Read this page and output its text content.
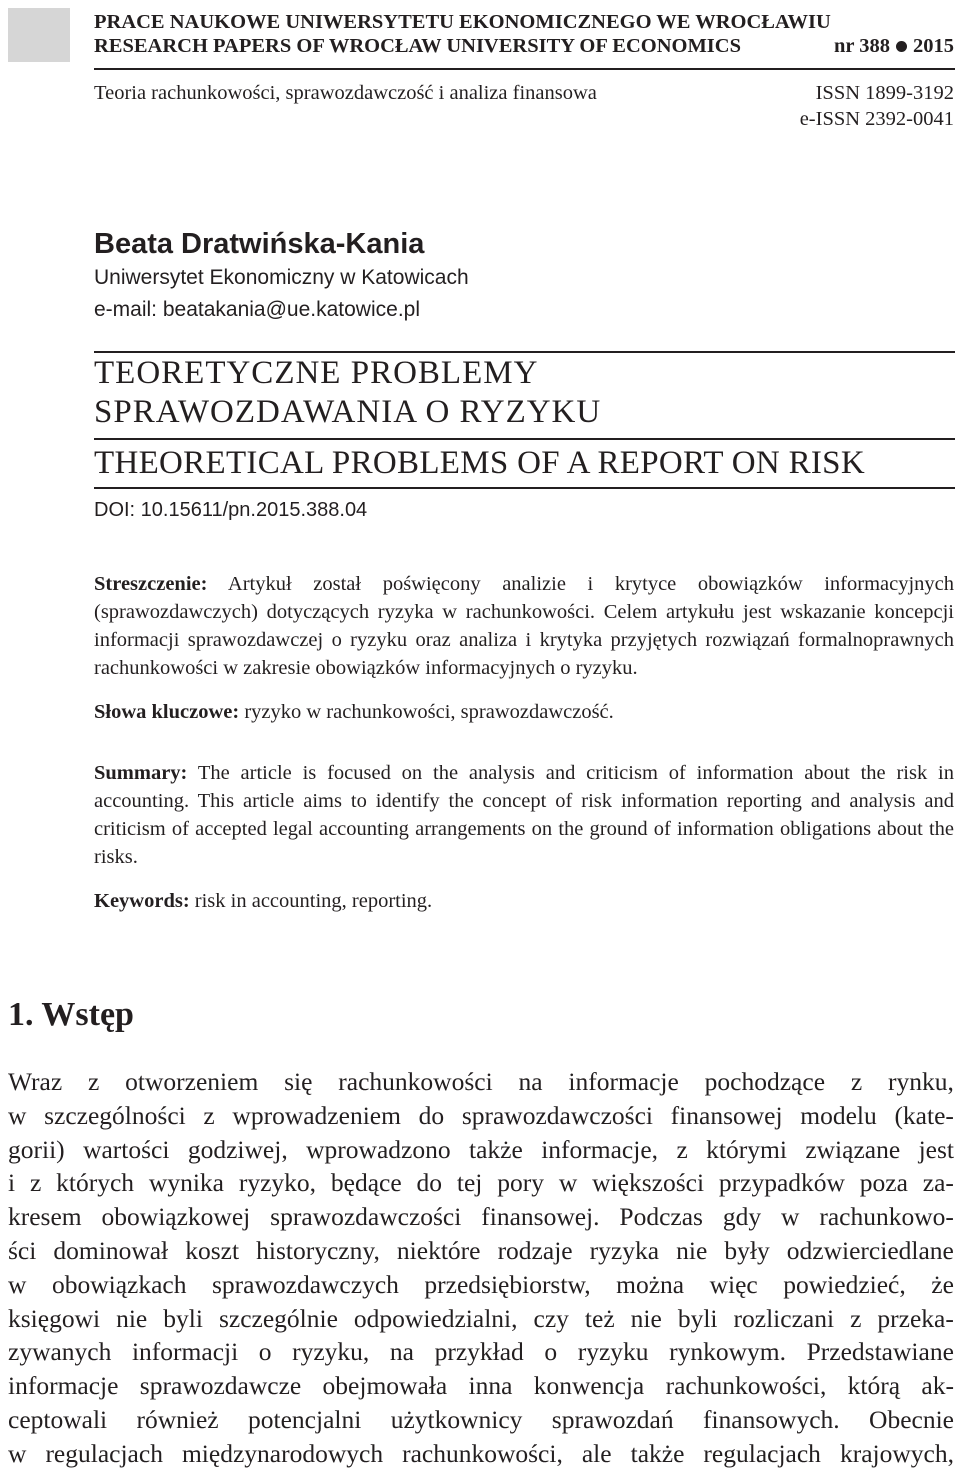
PRACE NAUKOWE UNIWERSYTETU EKONOMICZNEGO WE WROCŁAWIU
RESEARCH PAPERS OF WROCŁAW UNIVERSITY OF ECONOMICS	nr 388 2015
Teoria rachunkowości, sprawozdawczość i analiza finansowa	ISSN 1899-3192
e-ISSN 2392-0041
Beata Dratwińska-Kania
Uniwersytet Ekonomiczny w Katowicach
e-mail: beatakania@ue.katowice.pl
TEORETYCZNE PROBLEMY
SPRAWOZDAWANIA O RYZYKU
THEORETICAL PROBLEMS OF A REPORT ON RISK
DOI: 10.15611/pn.2015.388.04
Streszczenie: Artykuł został poświęcony analizie i krytyce obowiązków informacyjnych (sprawozdawczych) dotyczących ryzyka w rachunkowości. Celem artykułu jest wskazanie koncepcji informacji sprawozdawczej o ryzyku oraz analiza i krytyka przyjętych rozwiązań formalnoprawnych rachunkowości w zakresie obowiązków informacyjnych o ryzyku.
Słowa kluczowe: ryzyko w rachunkowości, sprawozdawczość.
Summary: The article is focused on the analysis and criticism of information about the risk in accounting. This article aims to identify the concept of risk information reporting and analysis and criticism of accepted legal accounting arrangements on the ground of information obligations about the risks.
Keywords: risk in accounting, reporting.
1. Wstęp
Wraz z otworzeniem się rachunkowości na informacje pochodzące z rynku,
w szczególności z wprowadzeniem do sprawozdawczości finansowej modelu (kate-
gorii) wartości godziwej, wprowadzono także informacje, z którymi związane jest
i z których wynika ryzyko, będące do tej pory w większości przypadków poza za-
kresem obowiązkowej sprawozdawczości finansowej. Podczas gdy w rachunkowo-
ści dominował koszt historyczny, niektóre rodzaje ryzyka nie były odzwierciedlane
w obowiązkach sprawozdawczych przedsiębiorstw, można więc powiedzieć, że
księgowi nie byli szczególnie odpowiedzialni, czy też nie byli rozliczani z przeka-
zywanych informacji o ryzyku, na przykład o ryzyku rynkowym. Przedstawiane
informacje sprawozdawcze obejmowała inna konwencja rachunkowości, którą ak-
ceptowali również potencjalni użytkownicy sprawozdań finansowych. Obecnie
w regulacjach międzynarodowych rachunkowości, ale także regulacjach krajowych,
